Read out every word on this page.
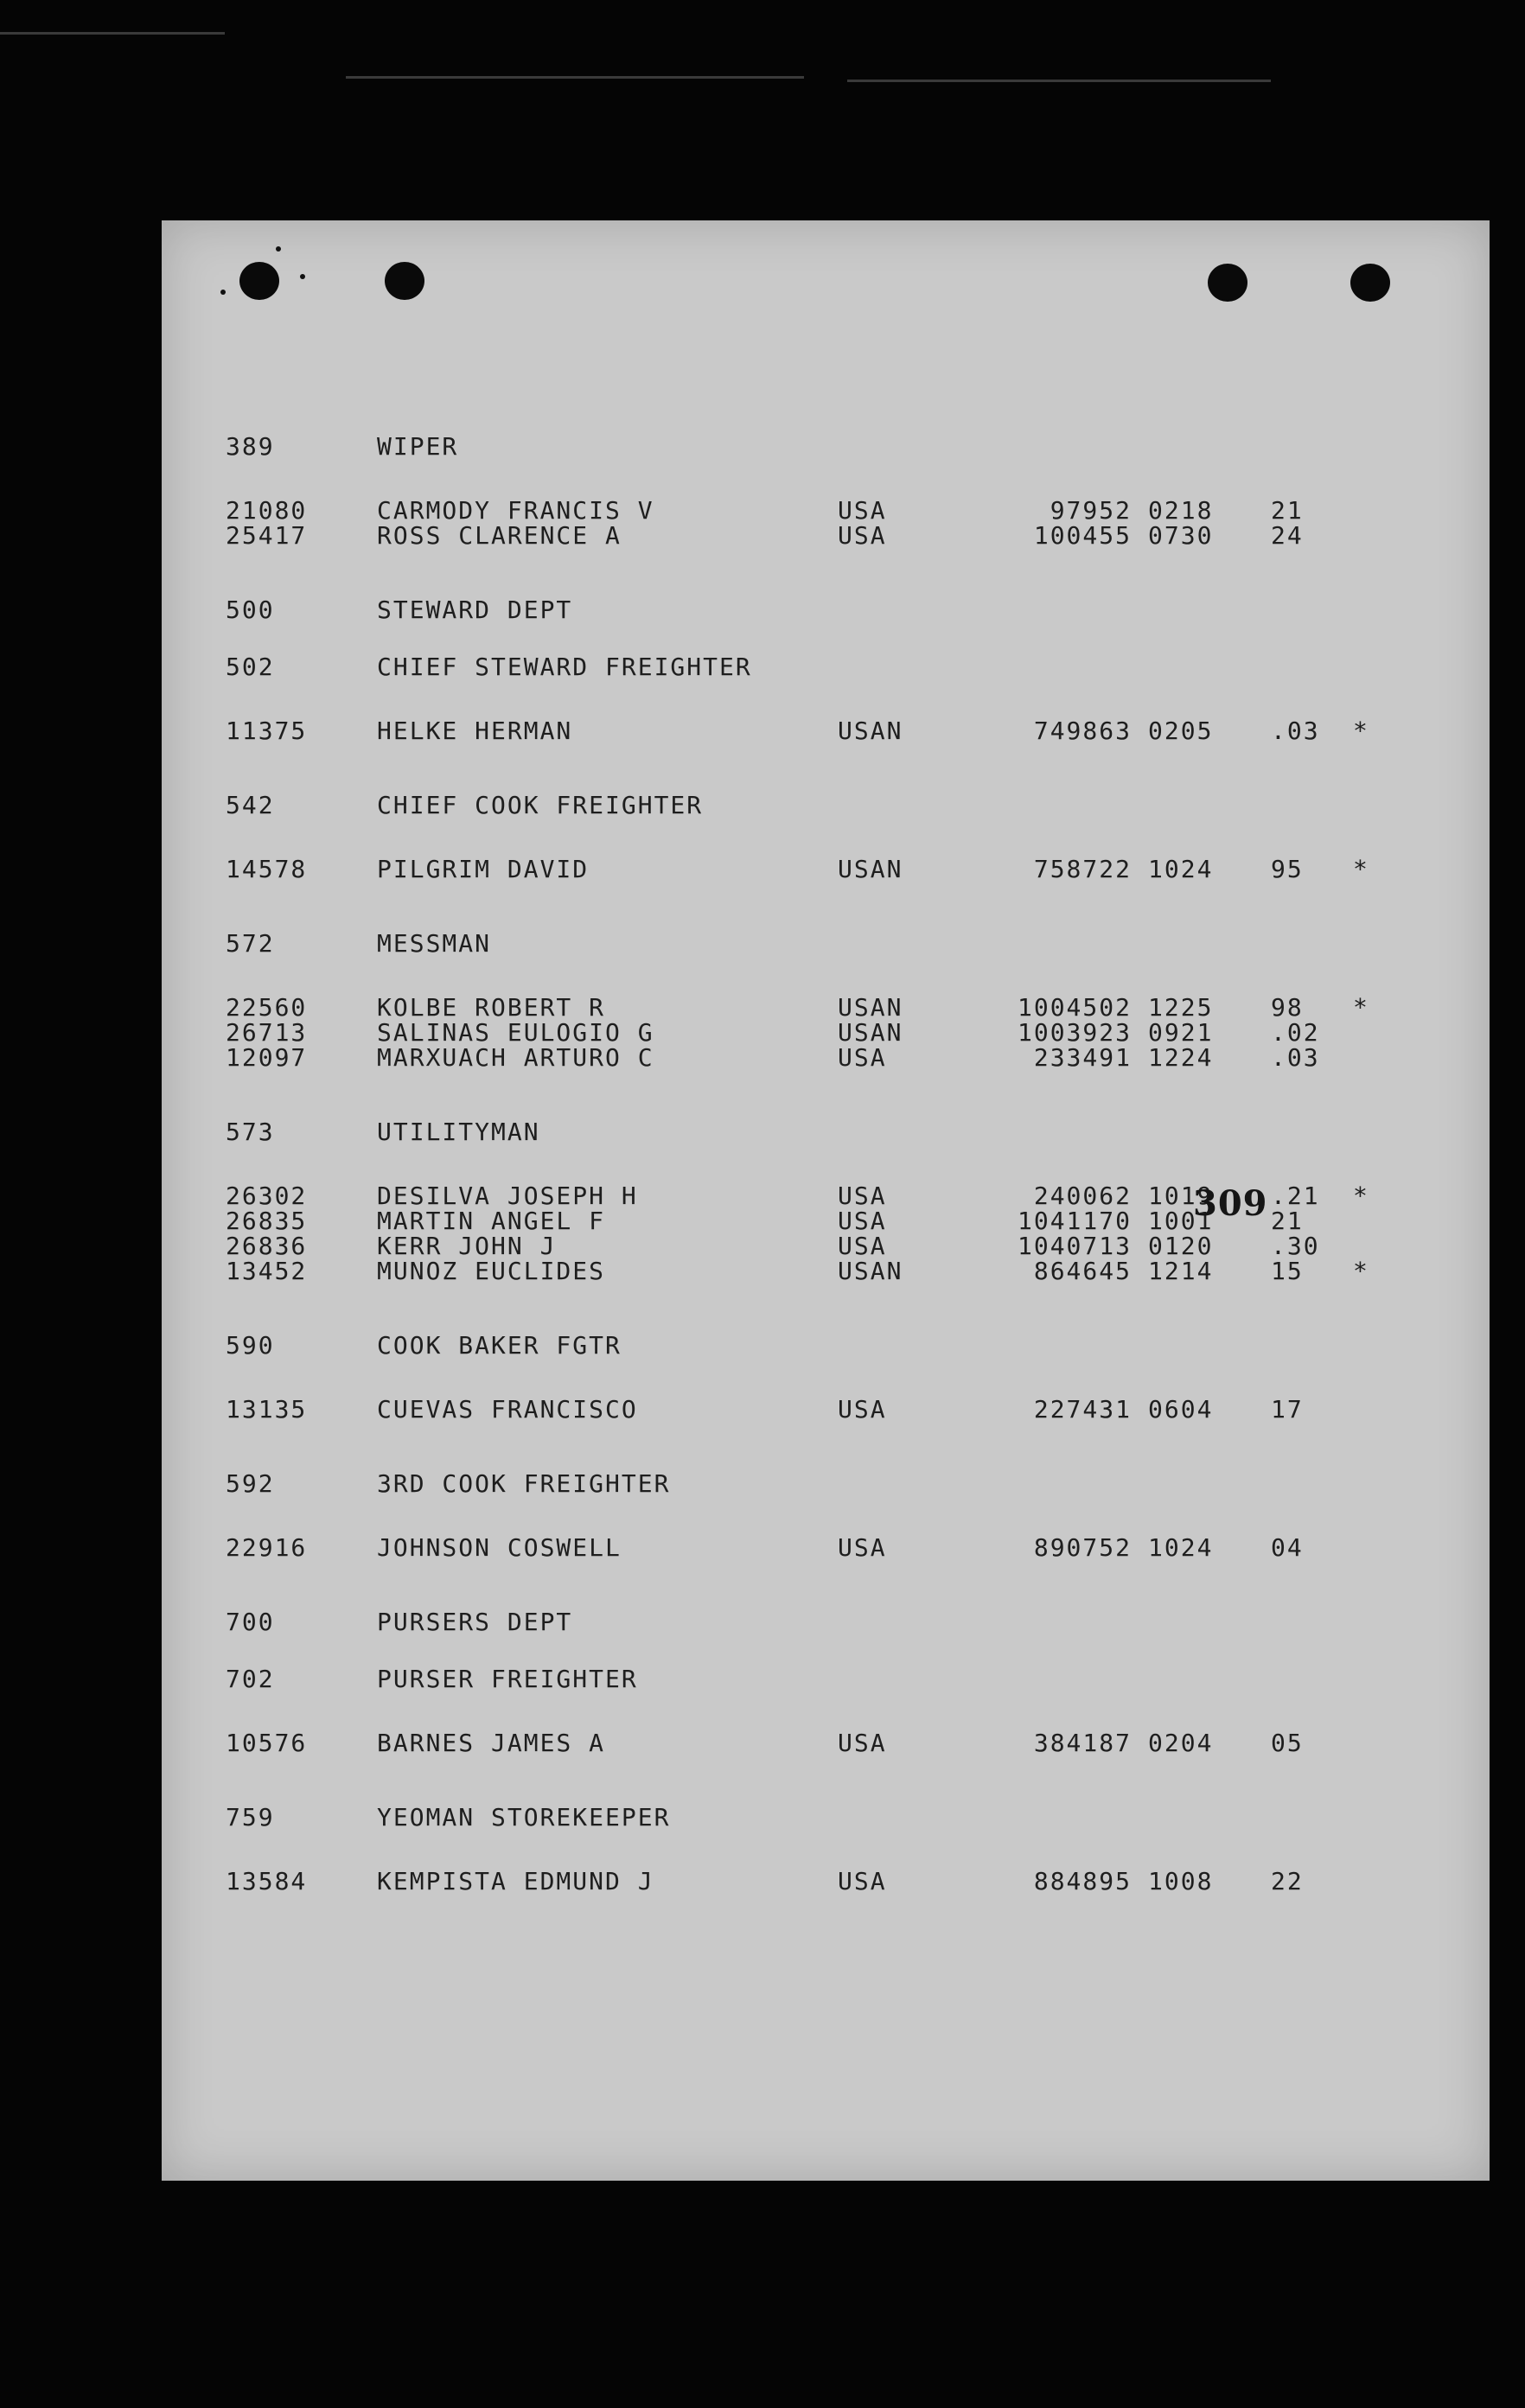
389	WIPER
21080	CARMODY FRANCIS V	USA	97952 0218 21
25417	ROSS CLARENCE A	USA	100455 0730 24
500	STEWARD DEPT
502	CHIEF STEWARD FREIGHTER
11375	HELKE HERMAN	USAN	749863 0205 .03 *
542	CHIEF COOK FREIGHTER
14578	PILGRIM DAVID	USAN	758722 1024 95 *
572	MESSMAN
22560	KOLBE ROBERT R	USAN	1004502 1225 98 *
26713	SALINAS EULOGIO G	USAN	1003923 0921 .02
12097	MARXUACH ARTURO C	USA	233491 1224 .03
573	UTILITYMAN
26302	DESILVA JOSEPH H	USA	240062 1019 .21 *
26835	MARTIN ANGEL F	USA	1041170 1001 21
26836	KERR JOHN J	USA	1040713 0120 .30
13452	MUNOZ EUCLIDES	USAN	864645 1214 15 *
590	COOK BAKER FGTR
13135	CUEVAS FRANCISCO	USA	227431 0604 17
592	3RD COOK FREIGHTER
22916	JOHNSON COSWELL	USA	890752 1024 04
700	PURSERS DEPT
702	PURSER FREIGHTER
10576	BARNES JAMES A	USA	384187 0204 05
759	YEOMAN STOREKEEPER
13584	KEMPISTA EDMUND J	USA	884895 1008 22
309
